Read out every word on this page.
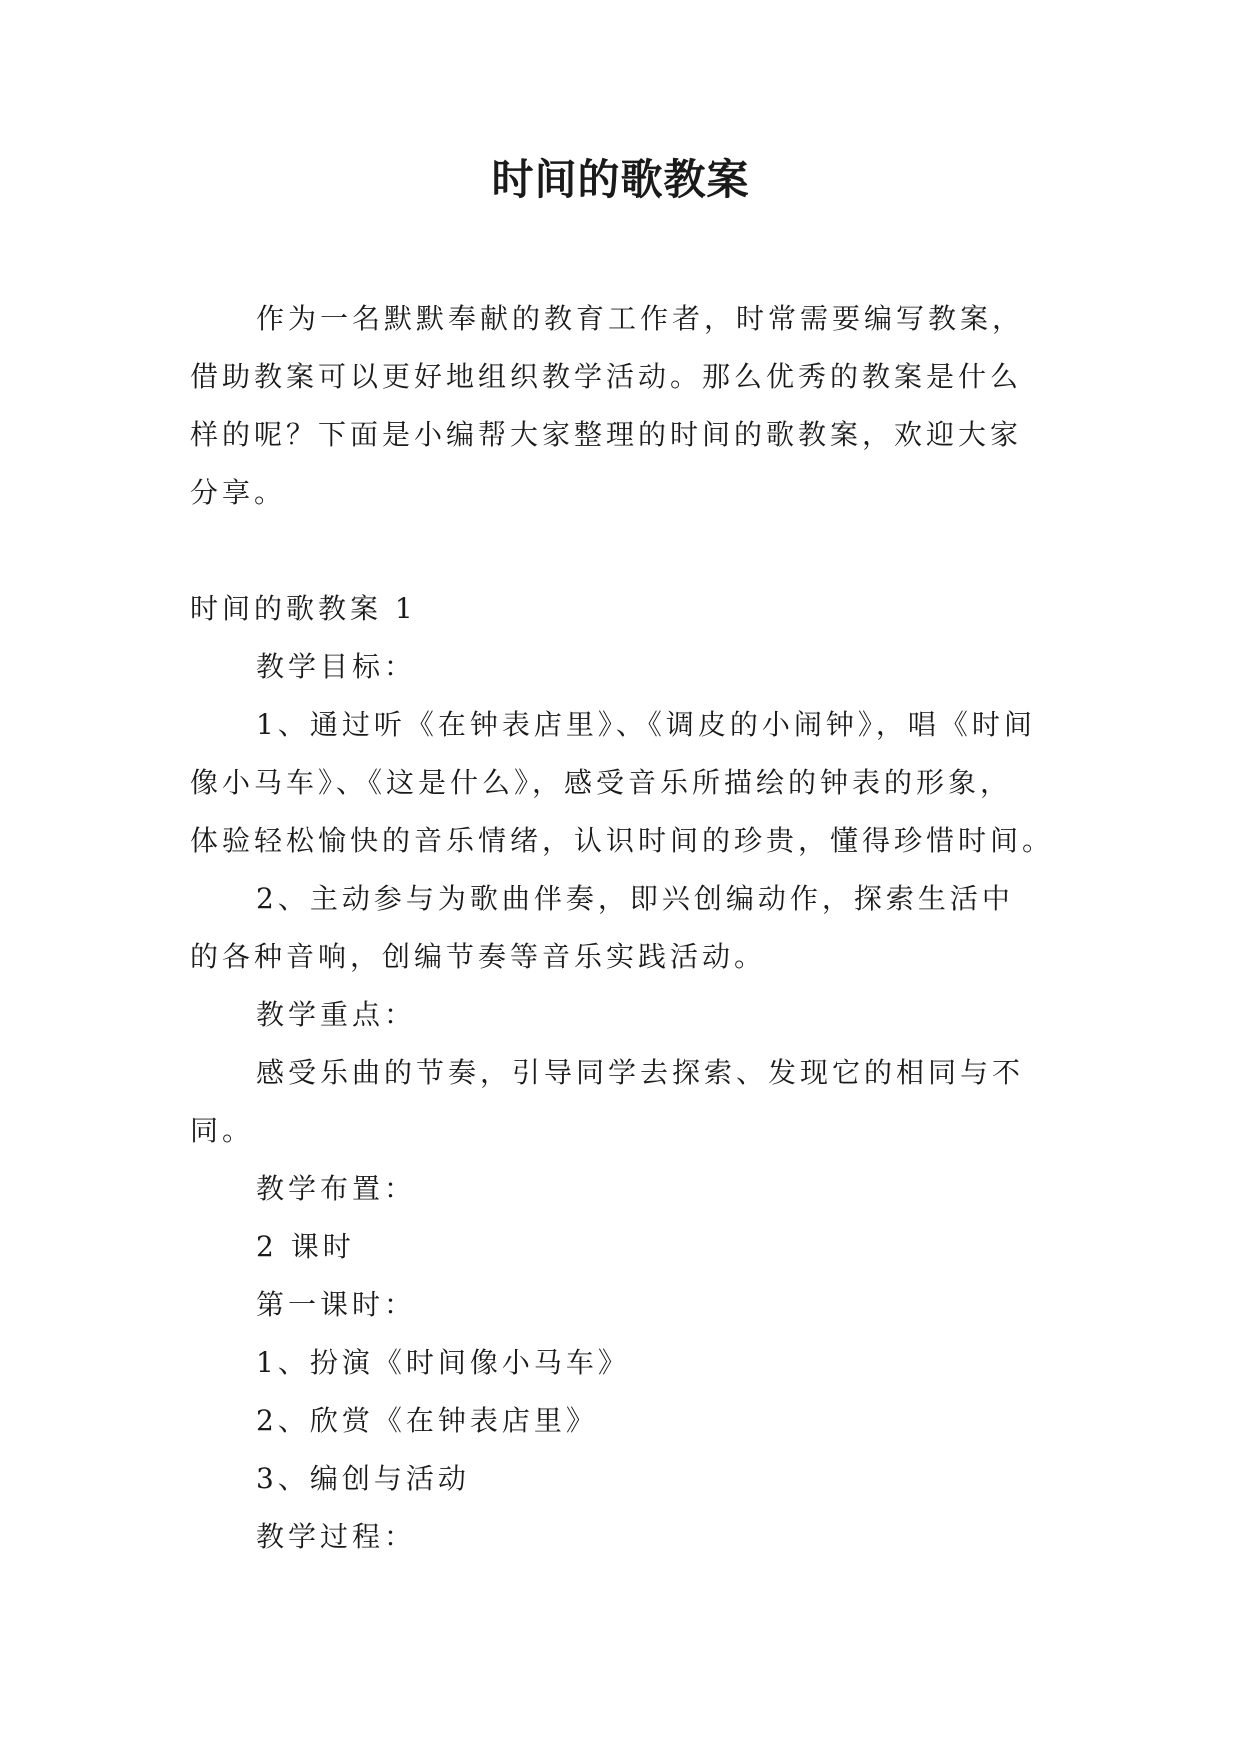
时间的歌教案

作为一名默默奉献的教育工作者，时常需要编写教案，

借助教案可以更好地组织教学活动。那么优秀的教案是什么

样的呢？下面是小编帮大家整理的时间的歌教案，欢迎大家

分享。

时间的歌教案 1

教学目标：

1、通过听《在钟表店里》、《调皮的小闹钟》，唱《时间

像小马车》、《这是什么》，感受音乐所描绘的钟表的形象，

体验轻松愉快的音乐情绪，认识时间的珍贵，懂得珍惜时间。

2、主动参与为歌曲伴奏，即兴创编动作，探索生活中

的各种音响，创编节奏等音乐实践活动。

教学重点：

感受乐曲的节奏，引导同学去探索、发现它的相同与不

同。

教学布置：

2 课时

第一课时：

1、扮演《时间像小马车》

2、欣赏《在钟表店里》

3、编创与活动

教学过程：
